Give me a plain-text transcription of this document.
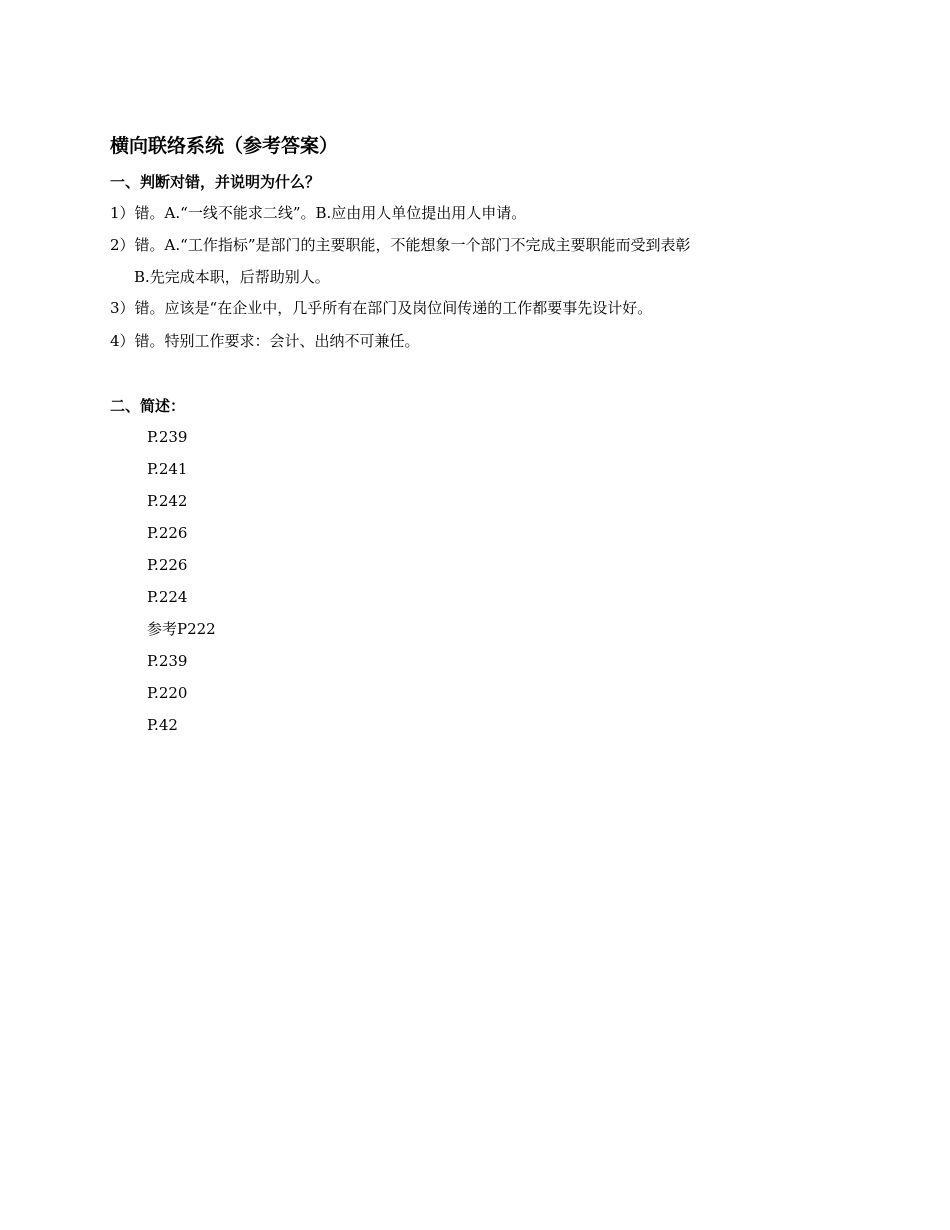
横向联络系统（参考答案）
一、判断对错，并说明为什么？
1）错。A.“一线不能求二线”。B.应由用人单位提出用人申请。
2）错。A.“工作指标”是部门的主要职能，不能想象一个部门不完成主要职能而受到表彰
B.先完成本职，后帮助别人。
3）错。应该是“在企业中，几乎所有在部门及岗位间传递的工作都要事先设计好。
4）错。特别工作要求：会计、出纳不可兼任。
二、简述：
P.239
P.241
P.242
P.226
P.226
P.224
参考P222
P.239
P.220
P.42
